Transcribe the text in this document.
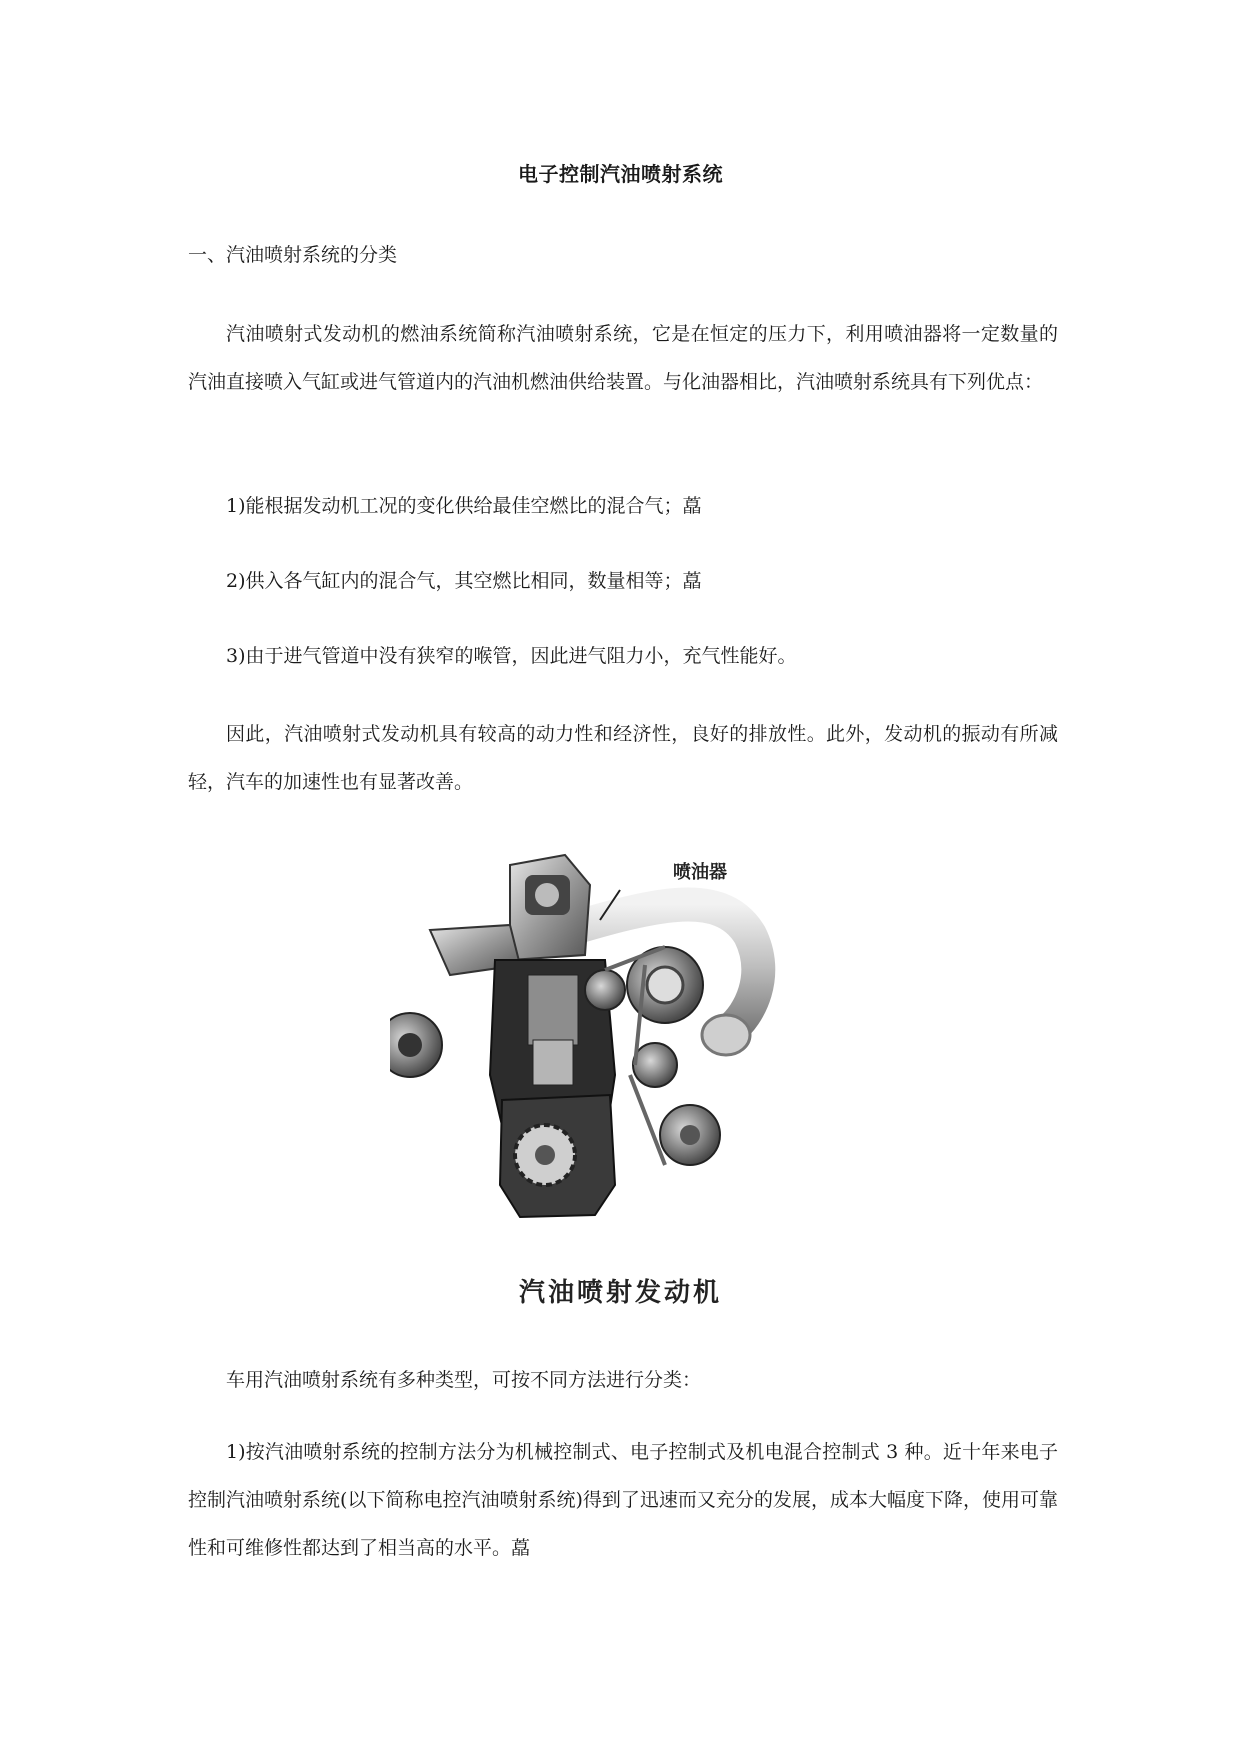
电子控制汽油喷射系统
一、汽油喷射系统的分类

汽油喷射式发动机的燃油系统简称汽油喷射系统，它是在恒定的压力下，利用喷油器将一定数量的汽油直接喷入气缸或进气管道内的汽油机燃油供给装置。与化油器相比，汽油喷射系统具有下列优点：

1)能根据发动机工况的变化供给最佳空燃比的混合气；藠

2)供入各气缸内的混合气，其空燃比相同，数量相等；藠

3)由于进气管道中没有狭窄的喉管，因此进气阻力小，充气性能好。

因此，汽油喷射式发动机具有较高的动力性和经济性，良好的排放性。此外，发动机的振动有所减轻，汽车的加速性也有显著改善。

喷油器
汽油喷射发动机

车用汽油喷射系统有多种类型，可按不同方法进行分类：

1)按汽油喷射系统的控制方法分为机械控制式、电子控制式及机电混合控制式 3 种。近十年来电子控制汽油喷射系统(以下简称电控汽油喷射系统)得到了迅速而又充分的发展，成本大幅度下降，使用可靠性和可维修性都达到了相当高的水平。藠
